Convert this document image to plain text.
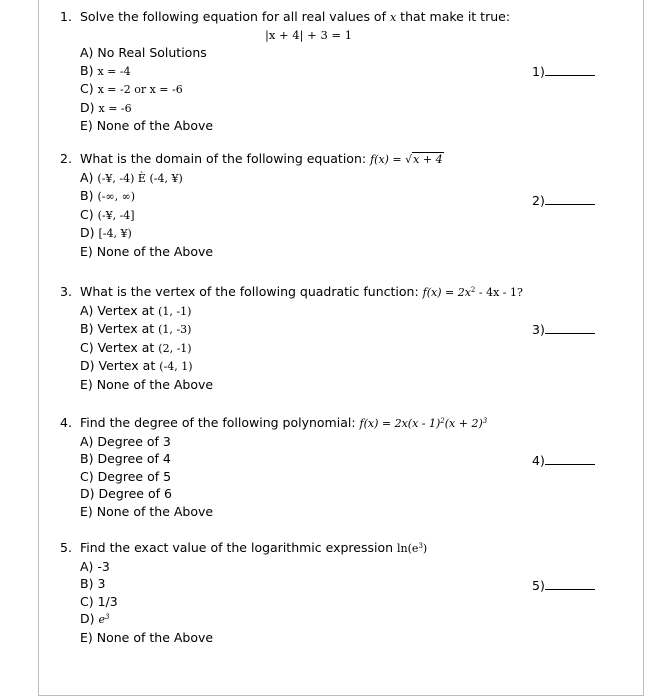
1. Solve the following equation for all real values of x that make it true:
|x + 4| + 3 = 1
A) No Real Solutions
B) x = -4
C) x = -2 or x = -6
D) x = -6
E) None of the Above
1)
2. What is the domain of the following equation: f(x) = √x + 4
A) (-¥, -4) È (-4, ¥)
B) (-∞, ∞)
C) (-¥, -4]
D) [-4, ¥)
E) None of the Above
2)
3. What is the vertex of the following quadratic function: $f(x) = 2x^2 - 4x - 1$?
A) Vertex at (1, -1)
B) Vertex at (1, -3)
C) Vertex at (2, -1)
D) Vertex at (-4, 1)
E) None of the Above
3)
4. Find the degree of the following polynomial: $f(x) = 2x(x - 1)^2(x + 2)^3$
A) Degree of 3
B) Degree of 4
C) Degree of 5
D) Degree of 6
E) None of the Above
4)
5. Find the exact value of the logarithmic expression $\ln(e^3)$
A) -3
B) 3
C) 1/3
D) $e^3$
E) None of the Above
5)
